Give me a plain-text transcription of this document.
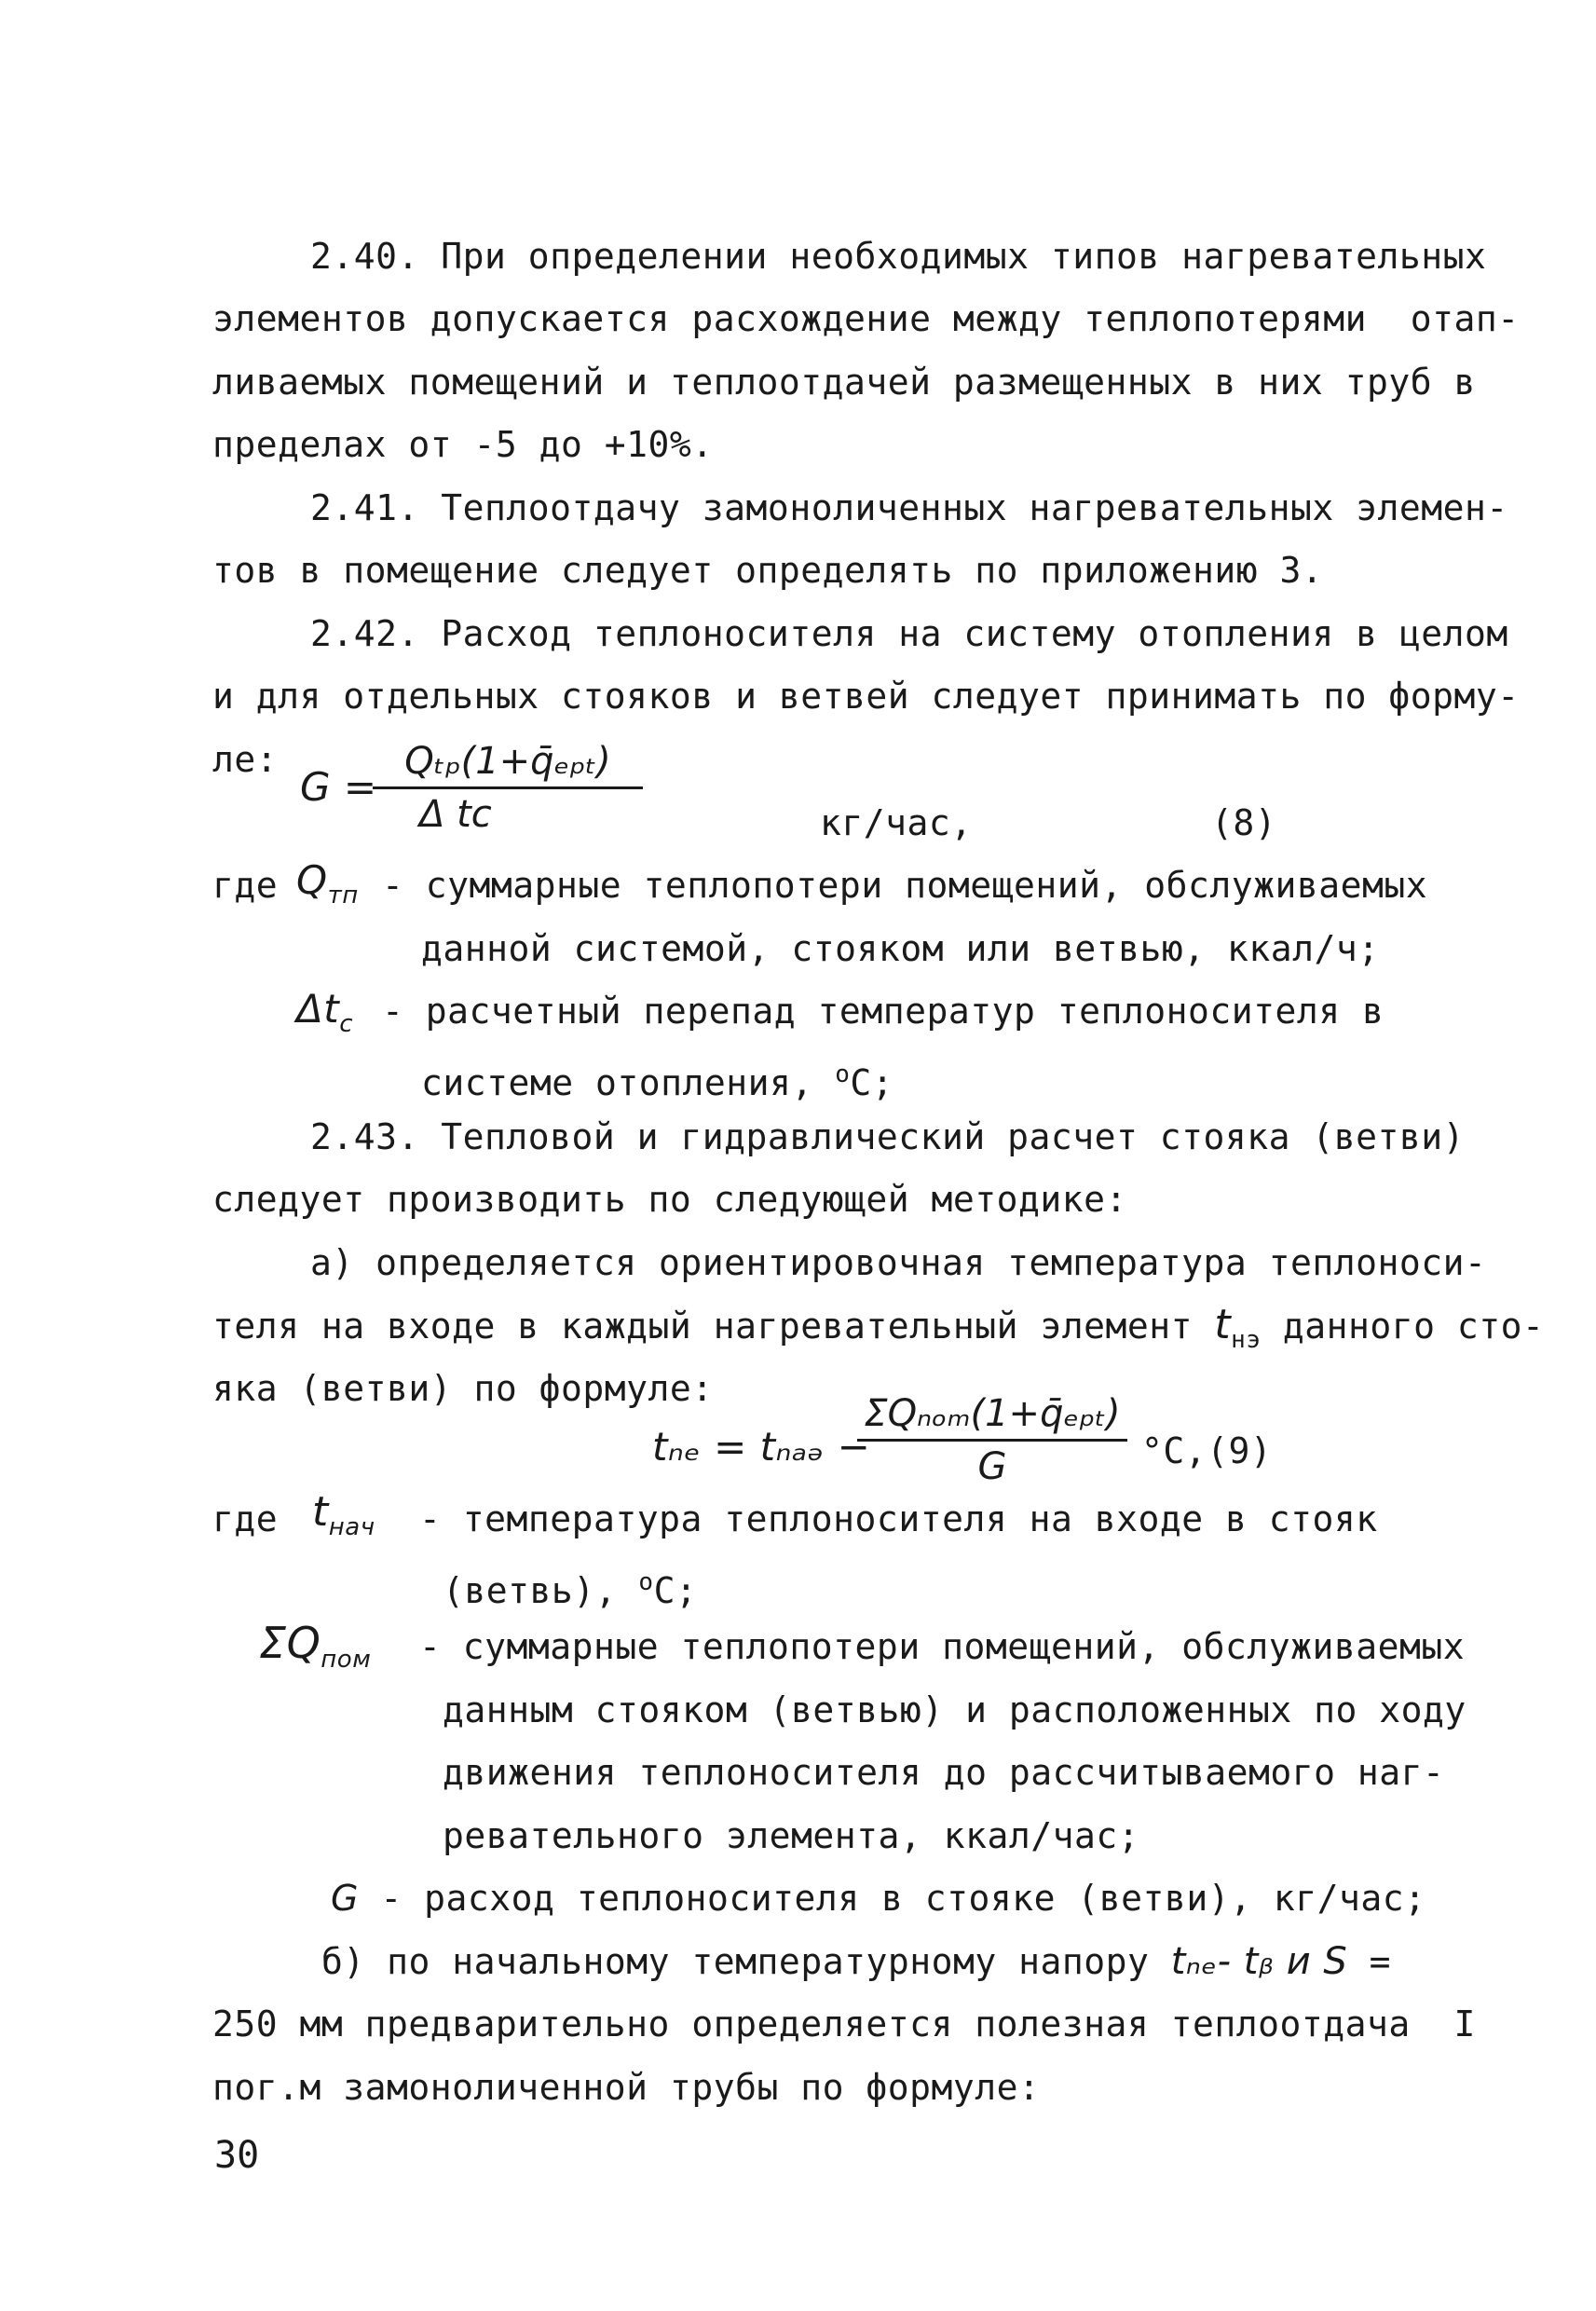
2.40. При определении необходимых типов нагревательных
элементов допускается расхождение между теплопотерями  отап-
ливаемых помещений и теплоотдачей размещенных в них труб в
пределах от -5 до +10%.
2.41. Теплоотдачу замоноличенных нагревательных элемен-
тов в помещение следует определять по приложению 3.
2.42. Расход теплоносителя на систему отопления в целом
и для отдельных стояков и ветвей следует принимать по формy-
ле:
G =
Qₜₚ(1+q̄ₑₚₜ)
Δ tᴄ	кг/час,	(8)
где $Q_{тп}$ - суммарные теплопотери помещений, обслуживаемых
данной системой, стояком или ветвью, ккал/ч;
$\Delta t_c$ - расчетный перепад температур теплоносителя в
системе отопления, $^o$C;
2.43. Тепловой и гидравлический расчет стояка (ветви)
следует производить по следующей методике:
а) определяется ориентировочная температура теплоноси-
теля на входе в каждый нагревательный элемент $t_{нэ}$ данного сто-
яка (ветви) по формуле:
tₙₑ = tₙₐₔ −
ΣQₙₒₘ(1+q̄ₑₚₜ)
G	°C,(9)
где $t_{нач}$ - температура теплоносителя на входе в стояк
(ветвь), $^o$C;
$\Sigma Q_{пом}$ - суммарные теплопотери помещений, обслуживаемых
данным стояком (ветвью) и расположенных по ходу
движения теплоносителя до рассчитываемого наг-
ревательного элемента, ккал/час;
G - расход теплоносителя в стояке (ветви), кг/час;
б) по начальному температурному напору tₙₑ- tᵦ и S =
250 мм предварительно определяется полезная теплоотдача  I
пог.м замоноличенной трубы по формуле:
30
